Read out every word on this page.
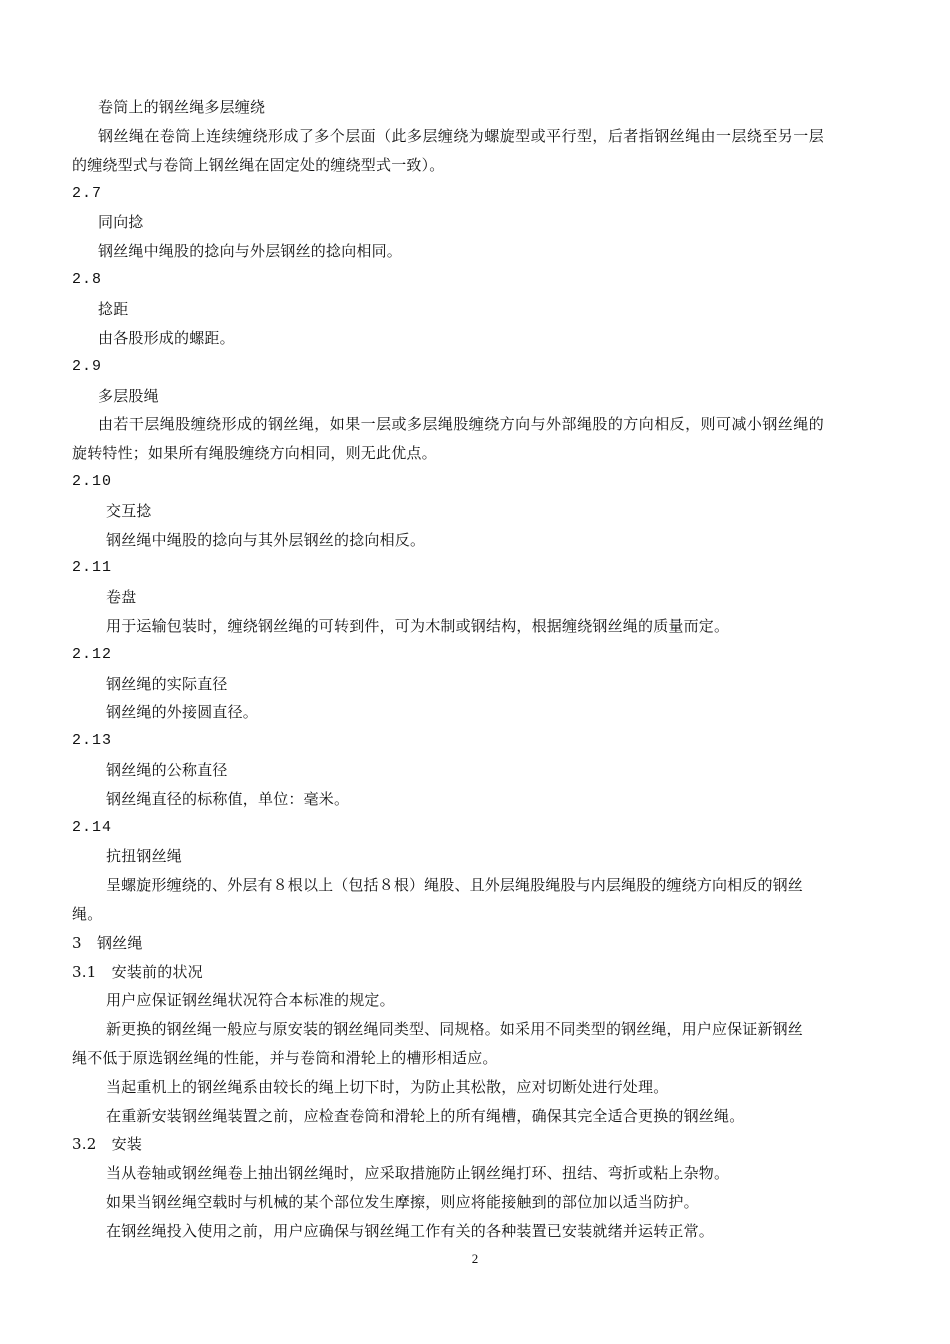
卷筒上的钢丝绳多层缠绕
钢丝绳在卷筒上连续缠绕形成了多个层面（此多层缠绕为螺旋型或平行型，后者指钢丝绳由一层绕至另一层
的缠绕型式与卷筒上钢丝绳在固定处的缠绕型式一致）。
2.7
同向捻
钢丝绳中绳股的捻向与外层钢丝的捻向相同。
2.8
捻距
由各股形成的螺距。
2.9
多层股绳
由若干层绳股缠绕形成的钢丝绳，如果一层或多层绳股缠绕方向与外部绳股的方向相反，则可减小钢丝绳的
旋转特性；如果所有绳股缠绕方向相同，则无此优点。
2.10
交互捻
钢丝绳中绳股的捻向与其外层钢丝的捻向相反。
2.11
卷盘
用于运输包装时，缠绕钢丝绳的可转到件，可为木制或钢结构，根据缠绕钢丝绳的质量而定。
2.12
钢丝绳的实际直径
钢丝绳的外接圆直径。
2.13
钢丝绳的公称直径
钢丝绳直径的标称值，单位：毫米。
2.14
抗扭钢丝绳
呈螺旋形缠绕的、外层有８根以上（包括８根）绳股、且外层绳股绳股与内层绳股的缠绕方向相反的钢丝
绳。
3　钢丝绳
3.1　安装前的状况
用户应保证钢丝绳状况符合本标准的规定。
新更换的钢丝绳一般应与原安装的钢丝绳同类型、同规格。如采用不同类型的钢丝绳，用户应保证新钢丝
绳不低于原选钢丝绳的性能，并与卷筒和滑轮上的槽形相适应。
当起重机上的钢丝绳系由较长的绳上切下时，为防止其松散，应对切断处进行处理。
在重新安装钢丝绳装置之前，应检查卷筒和滑轮上的所有绳槽，确保其完全适合更换的钢丝绳。
3.2　安装
当从卷轴或钢丝绳卷上抽出钢丝绳时，应采取措施防止钢丝绳打环、扭结、弯折或粘上杂物。
如果当钢丝绳空载时与机械的某个部位发生摩擦，则应将能接触到的部位加以适当防护。
在钢丝绳投入使用之前，用户应确保与钢丝绳工作有关的各种装置已安装就绪并运转正常。
2
